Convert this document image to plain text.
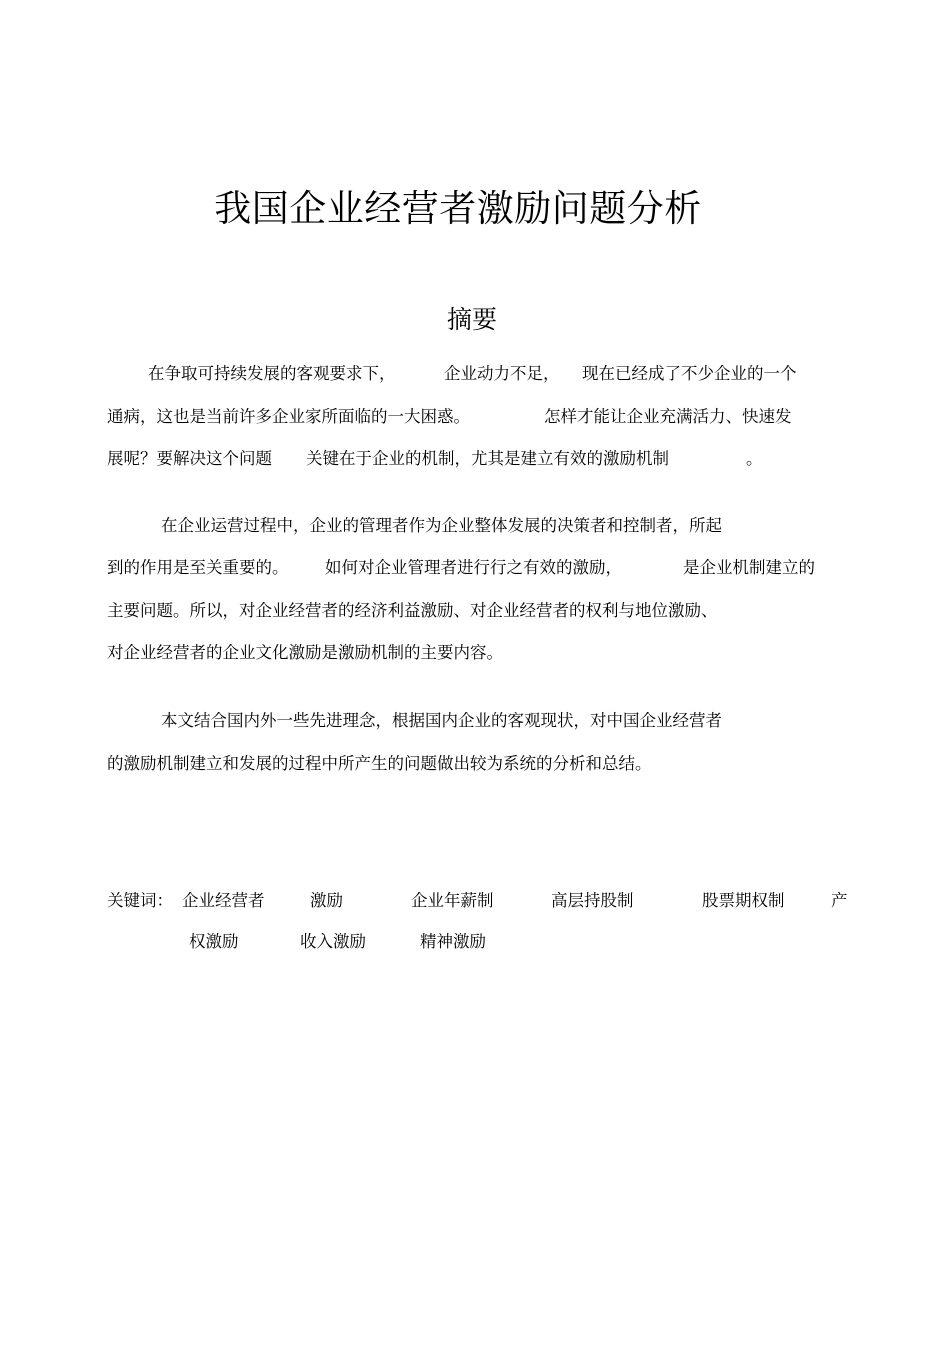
我国企业经营者激励问题分析
摘要
在争取可持续发展的客观要求下，	企业动力不足， 现在已经成了不少企业的一个
通病，这也是当前许多企业家所面临的一大困惑。	怎样才能让企业充满活力、快速发
展呢？要解决这个问题 关键在于企业的机制，尤其是建立有效的激励机制	。
在企业运营过程中，企业的管理者作为企业整体发展的决策者和控制者，所起
到的作用是至关重要的。 如何对企业管理者进行行之有效的激励，	是企业机制建立的
主要问题。所以，对企业经营者的经济利益激励、对企业经营者的权利与地位激励、
对企业经营者的企业文化激励是激励机制的主要内容。
本文结合国内外一些先进理念，根据国内企业的客观现状，对中国企业经营者
的激励机制建立和发展的过程中所产生的问题做出较为系统的分析和总结。
关键词： 企业经营者	激励	企业年薪制	高层持股制	股票期权制	产
权激励	收入激励	精神激励
